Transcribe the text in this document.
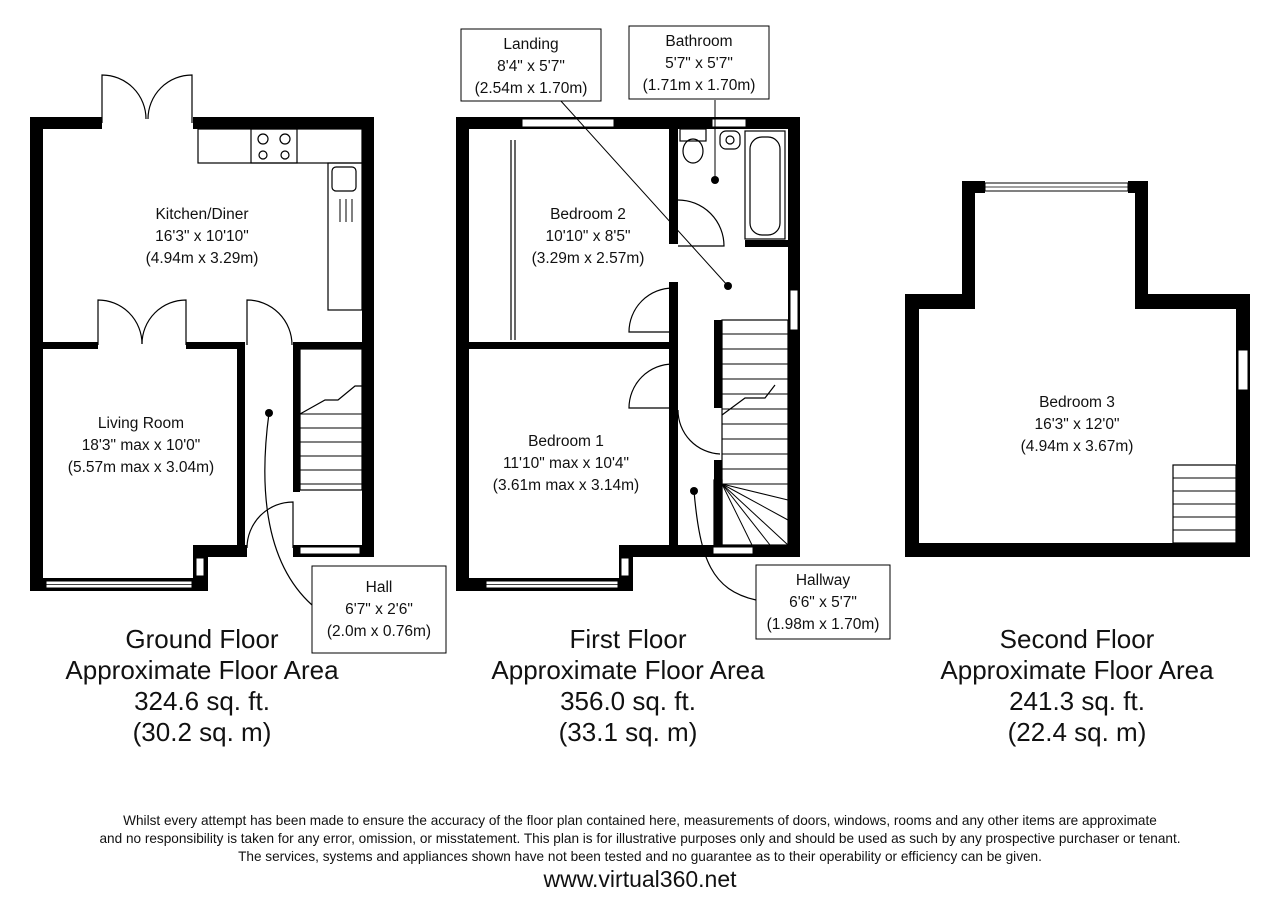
Kitchen/Diner
16'3" x 10'10"
(4.94m x 3.29m)
Living Room
18'3" max x 10'0"
(5.57m max x 3.04m)
Bedroom 2
10'10" x 8'5"
(3.29m x 2.57m)
Bedroom 1
11'10" max x 10'4"
(3.61m max x 3.14m)
Bedroom 3
16'3" x 12'0"
(4.94m x 3.67m)
Landing
8'4" x 5'7"
(2.54m x 1.70m)
Bathroom
5'7" x 5'7"
(1.71m x 1.70m)
Hall
6'7" x 2'6"
(2.0m x 0.76m)
Hallway
6'6" x 5'7"
(1.98m x 1.70m)
Ground Floor
Approximate Floor Area
324.6 sq. ft.
(30.2 sq. m)
First Floor
Approximate Floor Area
356.0 sq. ft.
(33.1 sq. m)
Second Floor
Approximate Floor Area
241.3 sq. ft.
(22.4 sq. m)
Whilst every attempt has been made to ensure the accuracy of the floor plan contained here, measurements of doors, windows, rooms and any other items are approximate
and no responsibility is taken for any error, omission, or misstatement. This plan is for illustrative purposes only and should be used as such by any prospective purchaser or tenant.
The services, systems and appliances shown have not been tested and no guarantee as to their operability or efficiency can be given.
www.virtual360.net
